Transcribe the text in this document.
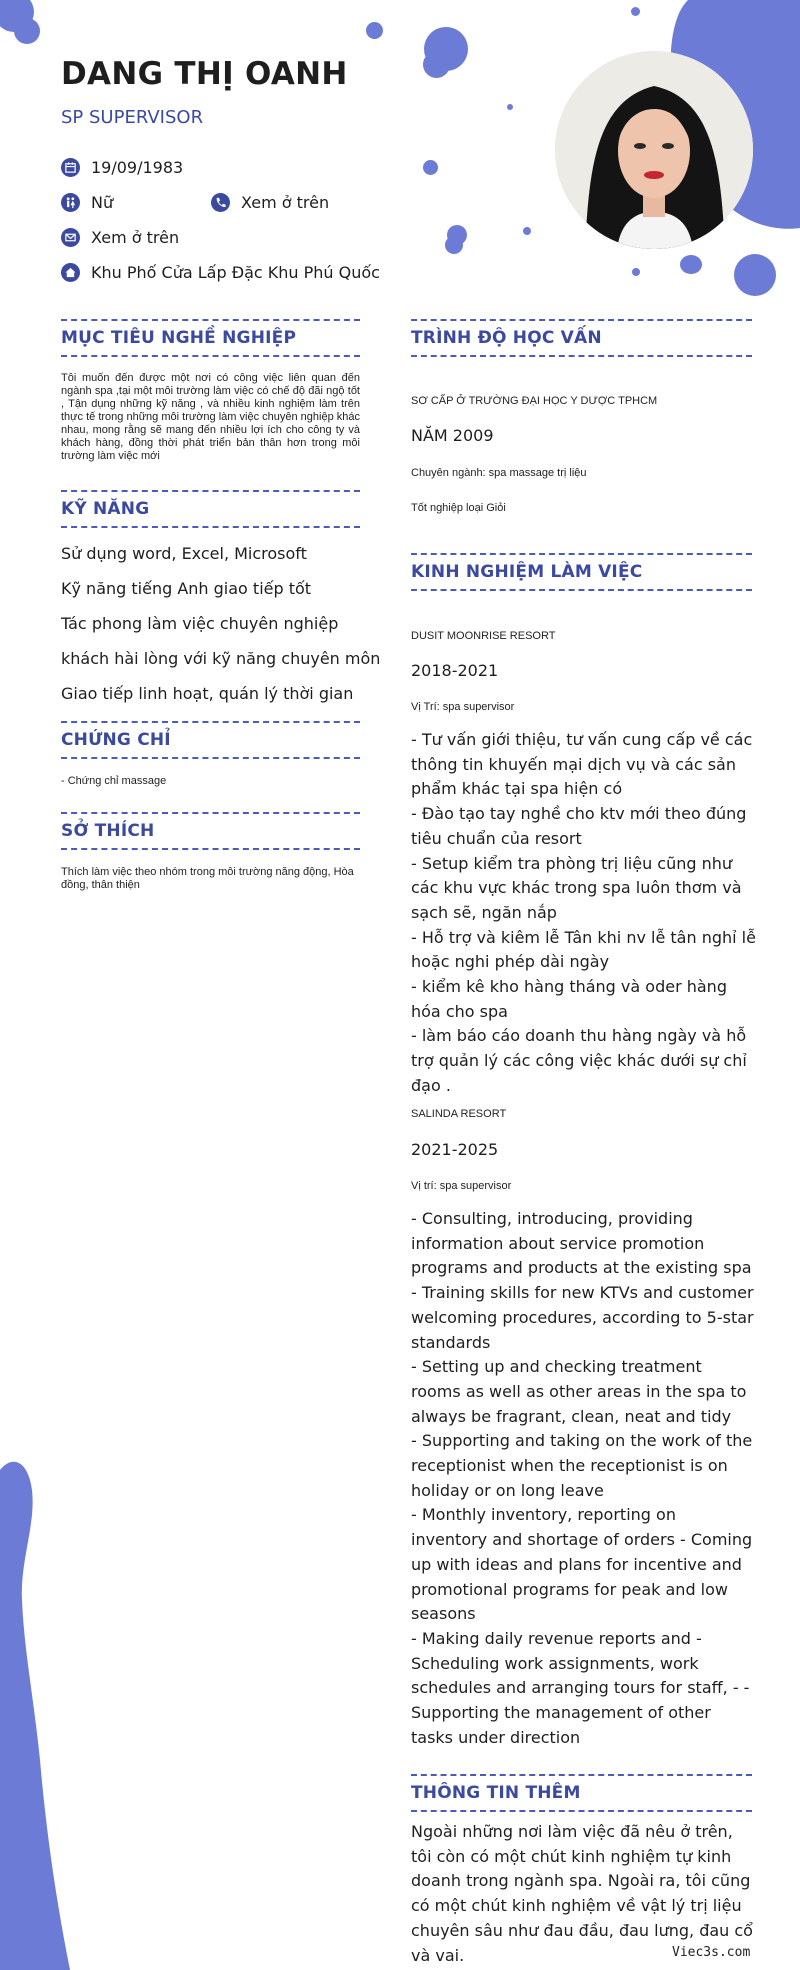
DANG THỊ OANH
SP SUPERVISOR
19/09/1983
Nữ	Xem ở trên
Xem ở trên
Khu Phố Cửa Lấp Đặc Khu Phú Quốc
MỤC TIÊU NGHỀ NGHIỆP
Tôi muốn đến được một nơi có công việc liên quan đến ngành spa ,tại một môi trường làm việc có chế độ đãi ngộ tốt , Tận dụng những kỹ năng , và nhiều kinh nghiệm làm trên thực tế trong những môi trường làm việc chuyên nghiệp khác nhau, mong rằng sẽ mang đến nhiều lợi ích cho công ty và khách hàng, đồng thời phát triển bản thân hơn trong môi trường làm việc mới
KỸ NĂNG
Sử dụng word, Excel, Microsoft
Kỹ năng tiếng Anh giao tiếp tốt
Tác phong làm việc chuyên nghiệp
khách hài lòng với kỹ năng chuyên môn
Giao tiếp linh hoạt, quán lý thời gian
CHỨNG CHỈ
- Chứng chỉ massage
SỞ THÍCH
Thích làm việc theo nhóm trong môi trường năng động, Hòa đồng, thân thiện
TRÌNH ĐỘ HỌC VẤN
SƠ CẤP Ở TRƯỜNG ĐẠI HỌC Y DƯỢC TPHCM
NĂM 2009
Chuyên ngành: spa massage trị liệu
Tốt nghiệp loại Giỏi
KINH NGHIỆM LÀM VIỆC
DUSIT MOONRISE RESORT
2018-2021
Vị Trí: spa supervisor
- Tư vấn giới thiệu, tư vấn cung cấp về các thông tin khuyến mại dịch vụ và các sản phẩm khác tại spa hiện có
- Đào tạo tay nghề cho ktv mới theo đúng tiêu chuẩn của resort
- Setup kiểm tra phòng trị liệu cũng như các khu vực khác trong spa luôn thơm và sạch sẽ, ngăn nắp
- Hỗ trợ và kiêm lễ Tân khi nv lễ tân nghỉ lễ hoặc nghi phép dài ngày
- kiểm kê kho hàng tháng và oder hàng hóa cho spa
- làm báo cáo doanh thu hàng ngày và hỗ trợ quản lý các công việc khác dưới sự chỉ đạo .
SALINDA RESORT
2021-2025
Vị trí: spa supervisor
- Consulting, introducing, providing information about service promotion programs and products at the existing spa
- Training skills for new KTVs and customer welcoming procedures, according to 5-star standards
- Setting up and checking treatment rooms as well as other areas in the spa to always be fragrant, clean, neat and tidy
- Supporting and taking on the work of the receptionist when the receptionist is on holiday or on long leave
- Monthly inventory, reporting on inventory and shortage of orders - Coming up with ideas and plans for incentive and promotional programs for peak and low seasons
- Making daily revenue reports and - Scheduling work assignments, work schedules and arranging tours for staff, - - Supporting the management of other tasks under direction
THÔNG TIN THÊM
Ngoài những nơi làm việc đã nêu ở trên, tôi còn có một chút kinh nghiệm tự kinh doanh trong ngành spa. Ngoài ra, tôi cũng có một chút kinh nghiệm về vật lý trị liệu chuyên sâu như đau đầu, đau lưng, đau cổ và vai.	Viec3s.com
